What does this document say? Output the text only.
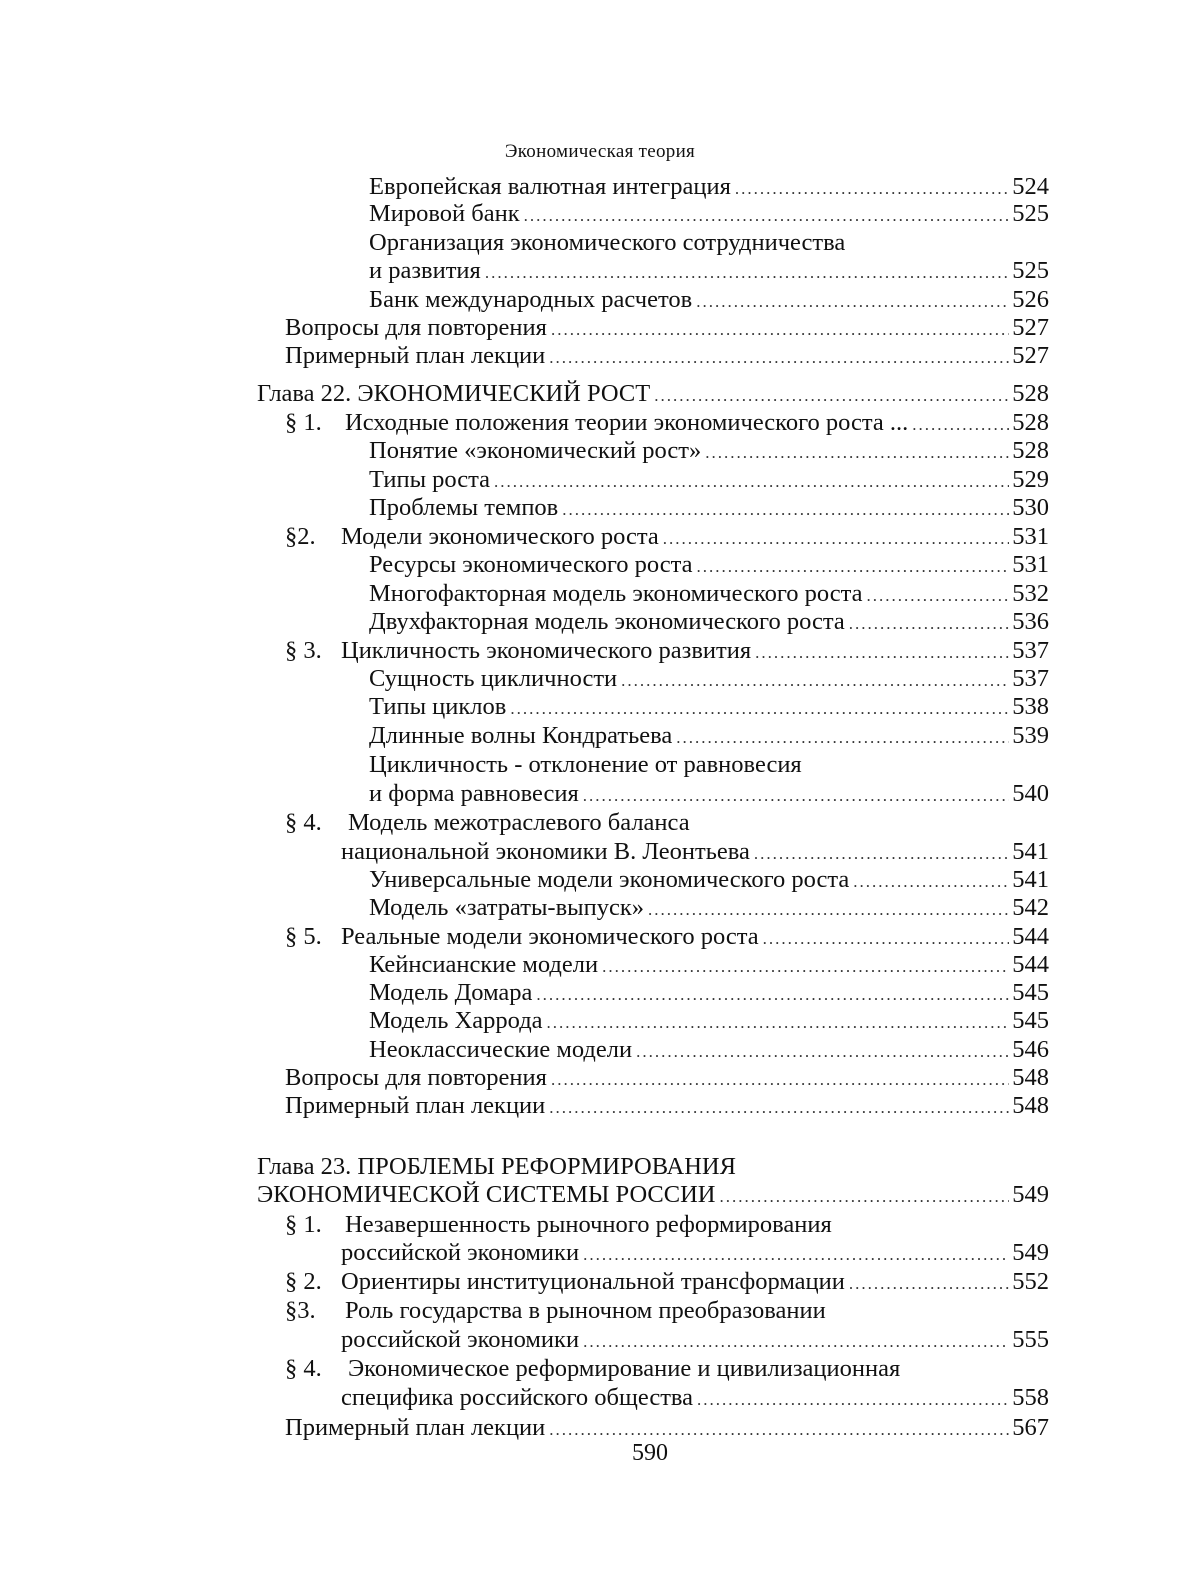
Экономическая теория
Европейская валютная интеграция .....	524
Мировой банк .....	525
Организация экономического сотрудничества
и развития .....	525
Банк международных расчетов .....	526
Вопросы для повторения .....	527
Примерный план лекции .....	527
Глава 22. ЭКОНОМИЧЕСКИЙ РОСТ .....	528
§ 1. Исходные положения теории экономического роста ... .....	528
Понятие «экономический рост» .....	528
Типы роста .....	529
Проблемы темпов .....	530
§2.	Модели экономического роста .....	531
Ресурсы экономического роста .....	531
Многофакторная модель экономического роста .....	532
Двухфакторная модель экономического роста .....	536
§ 3. Цикличность экономического развития .....	537
Сущность цикличности .....	537
Типы циклов .....	538
Длинные волны Кондратьева .....	539
Цикличность - отклонение от равновесия
и форма равновесия .....	540
§ 4.	Модель межотраслевого баланса
национальной экономики В. Леонтьева .....	541
Универсальные модели экономического роста .....	541
Модель «затраты-выпуск» .....	542
§ 5. Реальные модели экономического роста .....	544
Кейнсианские модели .....	544
Модель Домара .....	545
Модель Харрода .....	545
Неоклассические модели .....	546
Вопросы для повторения .....	548
Примерный план лекции .....	548
Глава 23. ПРОБЛЕМЫ РЕФОРМИРОВАНИЯ
ЭКОНОМИЧЕСКОЙ СИСТЕМЫ РОССИИ .....	549
§ 1. Незавершенность рыночного реформирования
российской экономики .....	549
§ 2. Ориентиры институциональной трансформации .....	552
§3.	Роль государства в рыночном преобразовании
российской экономики .....	555
§ 4.	Экономическое реформирование и цивилизационная
специфика российского общества .....	558
Примерный план лекции .....	567
590
